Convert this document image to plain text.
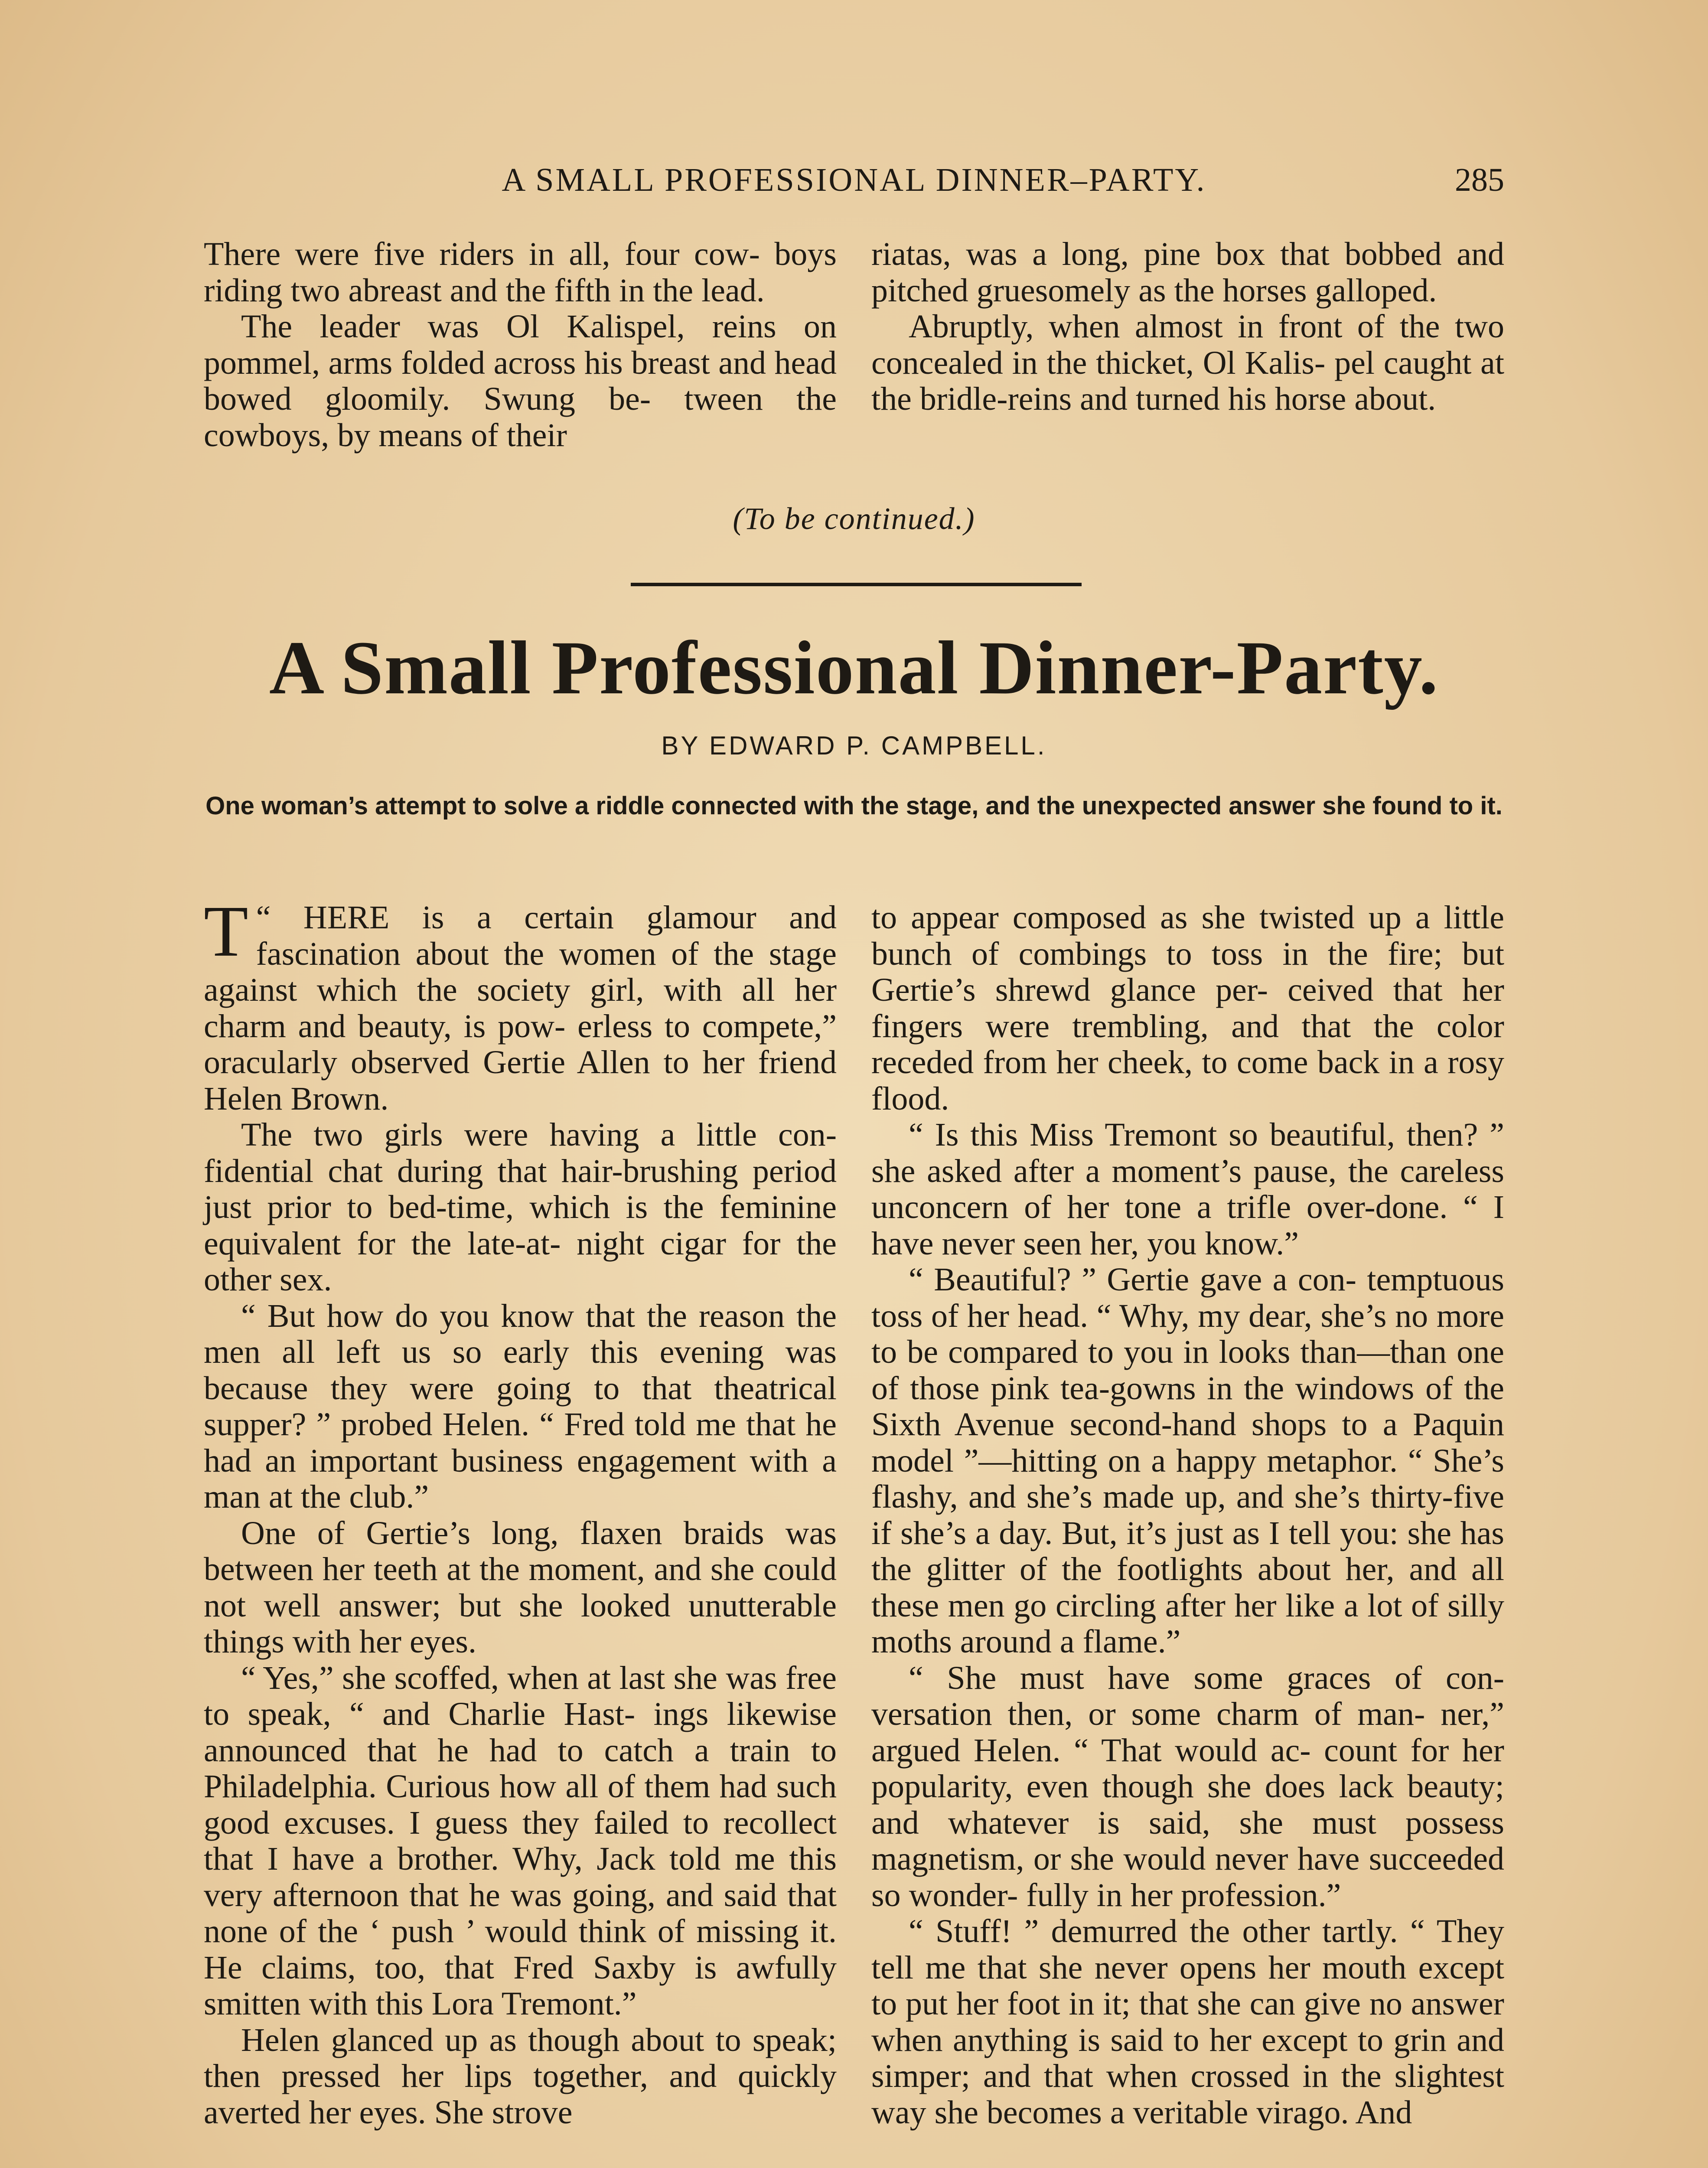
A SMALL PROFESSIONAL DINNER–PARTY.	285

There were five riders in all, four cow- boys riding two abreast and the fifth in the lead.

The leader was Ol Kalispel, reins on pommel, arms folded across his breast and head bowed gloomily. Swung be- tween the cowboys, by means of their

riatas, was a long, pine box that bobbed and pitched gruesomely as the horses galloped.

Abruptly, when almost in front of the two concealed in the thicket, Ol Kalis- pel caught at the bridle-reins and turned his horse about.

(To be continued.)
A Small Professional Dinner-Party.
BY EDWARD P. CAMPBELL.
One woman’s attempt to solve a riddle connected with the stage, and the unexpected answer she found to it.

“
T HERE is a certain glamour and fascination about the women of the stage against which the society girl, with all her charm and beauty, is pow- erless to compete,” oracularly observed Gertie Allen to her friend Helen Brown.

The two girls were having a little con- fidential chat during that hair-brushing period just prior to bed-time, which is the feminine equivalent for the late-at- night cigar for the other sex.

“ But how do you know that the reason the men all left us so early this evening was because they were going to that theatrical supper? ” probed Helen. “ Fred told me that he had an important business engagement with a man at the club.”

One of Gertie’s long, flaxen braids was between her teeth at the moment, and she could not well answer; but she looked unutterable things with her eyes.

“ Yes,” she scoffed, when at last she was free to speak, “ and Charlie Hast- ings likewise announced that he had to catch a train to Philadelphia. Curious how all of them had such good excuses. I guess they failed to recollect that I have a brother. Why, Jack told me this very afternoon that he was going, and said that none of the ‘ push ’ would think of missing it. He claims, too, that Fred Saxby is awfully smitten with this Lora Tremont.”

Helen glanced up as though about to speak; then pressed her lips together, and quickly averted her eyes. She strove

to appear composed as she twisted up a little bunch of combings to toss in the fire; but Gertie’s shrewd glance per- ceived that her fingers were trembling, and that the color receded from her cheek, to come back in a rosy flood.

“ Is this Miss Tremont so beautiful, then? ” she asked after a moment’s pause, the careless unconcern of her tone a trifle over-done. “ I have never seen her, you know.”

“ Beautiful? ” Gertie gave a con- temptuous toss of her head. “ Why, my dear, she’s no more to be compared to you in looks than—than one of those pink tea-gowns in the windows of the Sixth Avenue second-hand shops to a Paquin model ”—hitting on a happy metaphor. “ She’s flashy, and she’s made up, and she’s thirty-five if she’s a day. But, it’s just as I tell you: she has the glitter of the footlights about her, and all these men go circling after her like a lot of silly moths around a flame.”

“ She must have some graces of con- versation then, or some charm of man- ner,” argued Helen. “ That would ac- count for her popularity, even though she does lack beauty; and whatever is said, she must possess magnetism, or she would never have succeeded so wonder- fully in her profession.”

“ Stuff! ” demurred the other tartly. “ They tell me that she never opens her mouth except to put her foot in it; that she can give no answer when anything is said to her except to grin and simper; and that when crossed in the slightest way she becomes a veritable virago. And
